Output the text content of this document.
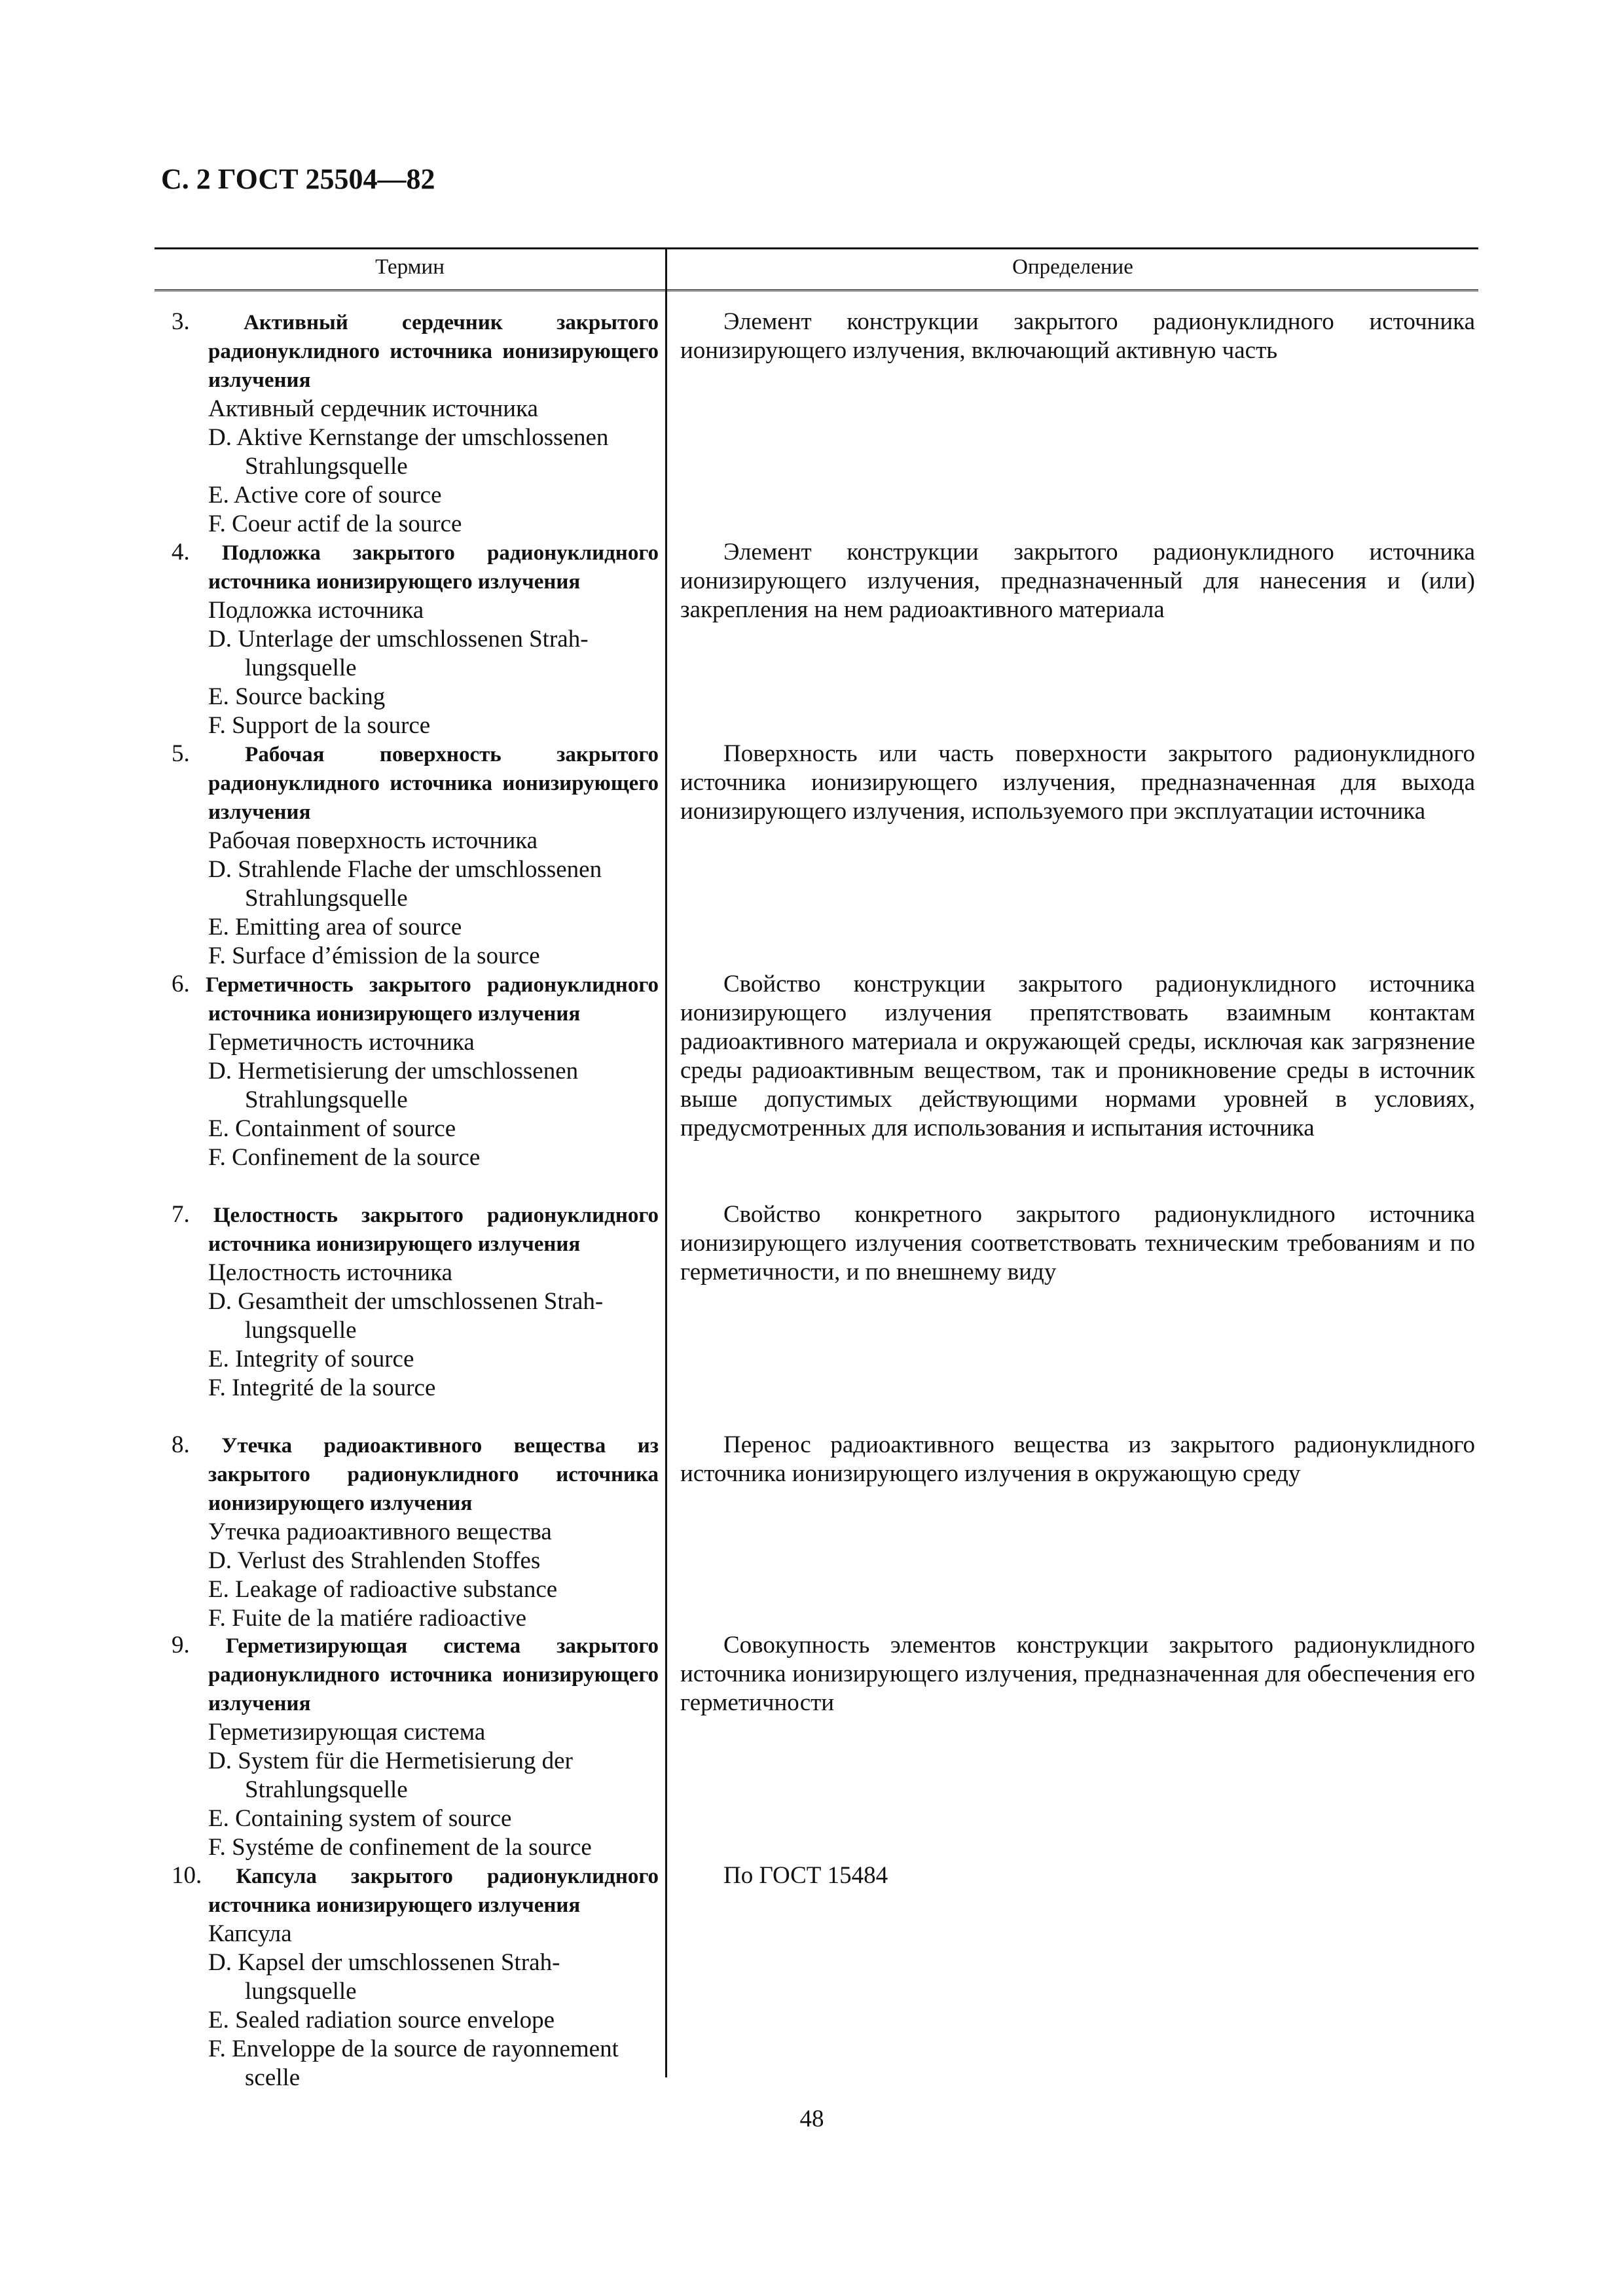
С. 2 ГОСТ 25504—82
Термин	Определение
3. Активный сердечник закрытого радионуклидного источника ионизирующего излучения
Активный сердечник источника
D. Aktive Kernstange der umschlossenen
Strahlungsquelle
E. Active core of source
F. Coeur actif de la source
Элемент конструкции закрытого радионуклидного источника ионизирующего излучения, включающий активную часть
4. Подложка закрытого радионуклидного источника ионизирующего излучения
Подложка источника
D. Unterlage der umschlossenen Strah-
lungsquelle
E. Source backing
F. Support de la source
Элемент конструкции закрытого радионуклидного источника ионизирующего излучения, предназначенный для нанесения и (или) закрепления на нем радиоактивного материала
5.	Рабочая поверхность закрытого радионуклидного источника ионизирующего излучения
Рабочая поверхность источника
D. Strahlende Flache der umschlossenen
Strahlungsquelle
E. Emitting area of source
F. Surface d’émission de la source
Поверхность или часть поверхности закрытого радионуклидного источника ионизирующего излучения, предназначенная для выхода ионизирующего излучения, используемого при эксплуатации источника
6. Герметичность закрытого радионуклидного источника ионизирующего излучения
Герметичность источника
D. Hermetisierung der umschlossenen
Strahlungsquelle
E. Containment of source
F. Confinement de la source
Свойство конструкции закрытого радионуклидного источника ионизирующего излучения препятствовать взаимным контактам радиоактивного материала и окружающей среды, исключая как загрязнение среды радиоактивным веществом, так и проникновение среды в источник выше допустимых действующими нормами уровней в условиях, предусмотренных для использования и испытания источника
7. Целостность закрытого радионуклидного источника ионизирующего излучения
Целостность источника
D. Gesamtheit der umschlossenen Strah-
lungsquelle
E. Integrity of source
F. Integrité de la source
Свойство конкретного закрытого радионуклидного источника ионизирующего излучения соответствовать техническим требованиям и по герметичности, и по внешнему виду
8. Утечка радиоактивного вещества из закрытого радионуклидного источника ионизирующего излучения
Утечка радиоактивного вещества
D. Verlust des Strahlenden Stoffes
E. Leakage of radioactive substance
F. Fuite de la matiére radioactive
Перенос радиоактивного вещества из закрытого радионуклидного источника ионизирующего излучения в окружающую среду
9. Герметизирующая система закрытого радионуклидного источника ионизирующего излучения
Герметизирующая система
D. System für die Hermetisierung der
Strahlungsquelle
E. Containing system of source
F. Systéme de confinement de la source
Совокупность элементов конструкции закрытого радионуклидного источника ионизирующего излучения, предназначенная для обеспечения его герметичности
10. Капсула закрытого радионуклидного источника ионизирующего излучения
Капсула
D. Kapsel der umschlossenen Strah-
lungsquelle
E. Sealed radiation source envelope
F. Enveloppe de la source de rayonnement
scelle
По ГОСТ 15484
48
